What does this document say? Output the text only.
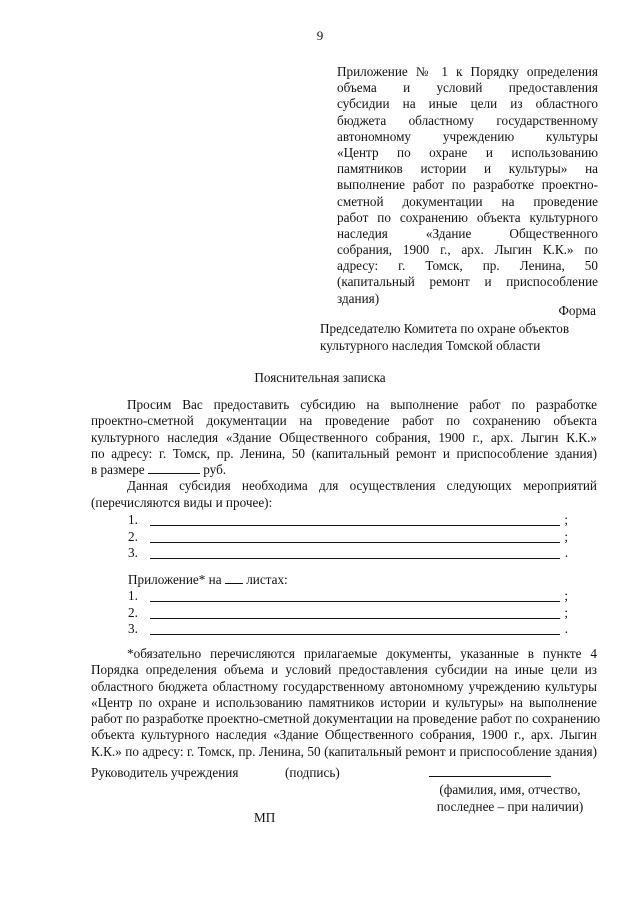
9
Приложение № 1 к Порядку определения
объема и условий предоставления
субсидии на иные цели из областного
бюджета областному государственному
автономному учреждению культуры
«Центр по охране и использованию
памятников истории и культуры» на
выполнение работ по разработке проектно-
сметной документации на проведение
работ по сохранению объекта культурного
наследия «Здание Общественного
собрания, 1900 г., арх. Лыгин К.К.» по
адресу: г. Томск, пр. Ленина, 50
(капитальный ремонт и приспособление
здания)
Форма
Председателю Комитета по охране объектов
культурного наследия Томской области
Пояснительная записка
Просим Вас предоставить субсидию на выполнение работ по разработке
проектно-сметной документации на проведение работ по сохранению объекта
культурного наследия «Здание Общественного собрания, 1900 г., арх. Лыгин К.К.»
по адресу: г. Томск, пр. Ленина, 50 (капитальный ремонт и приспособление здания)
в размере	руб.
Данная субсидия необходима для осуществления следующих мероприятий
(перечисляются виды и прочее):
1.	;
2.	;
3.	.
Приложение* на листах:
1.	;
2.	;
3.	.
*обязательно перечисляются прилагаемые документы, указанные в пункте 4
Порядка определения объема и условий предоставления субсидии на иные цели из
областного бюджета областному государственному автономному учреждению культуры
«Центр по охране и использованию памятников истории и культуры» на выполнение
работ по разработке проектно-сметной документации на проведение работ по сохранению
объекта культурного наследия «Здание Общественного собрания, 1900 г., арх. Лыгин
К.К.» по адресу: г. Томск, пр. Ленина, 50 (капитальный ремонт и приспособление здания)
Руководитель учреждения	(подпись)
(фамилия, имя, отчество,
последнее – при наличии)
МП
